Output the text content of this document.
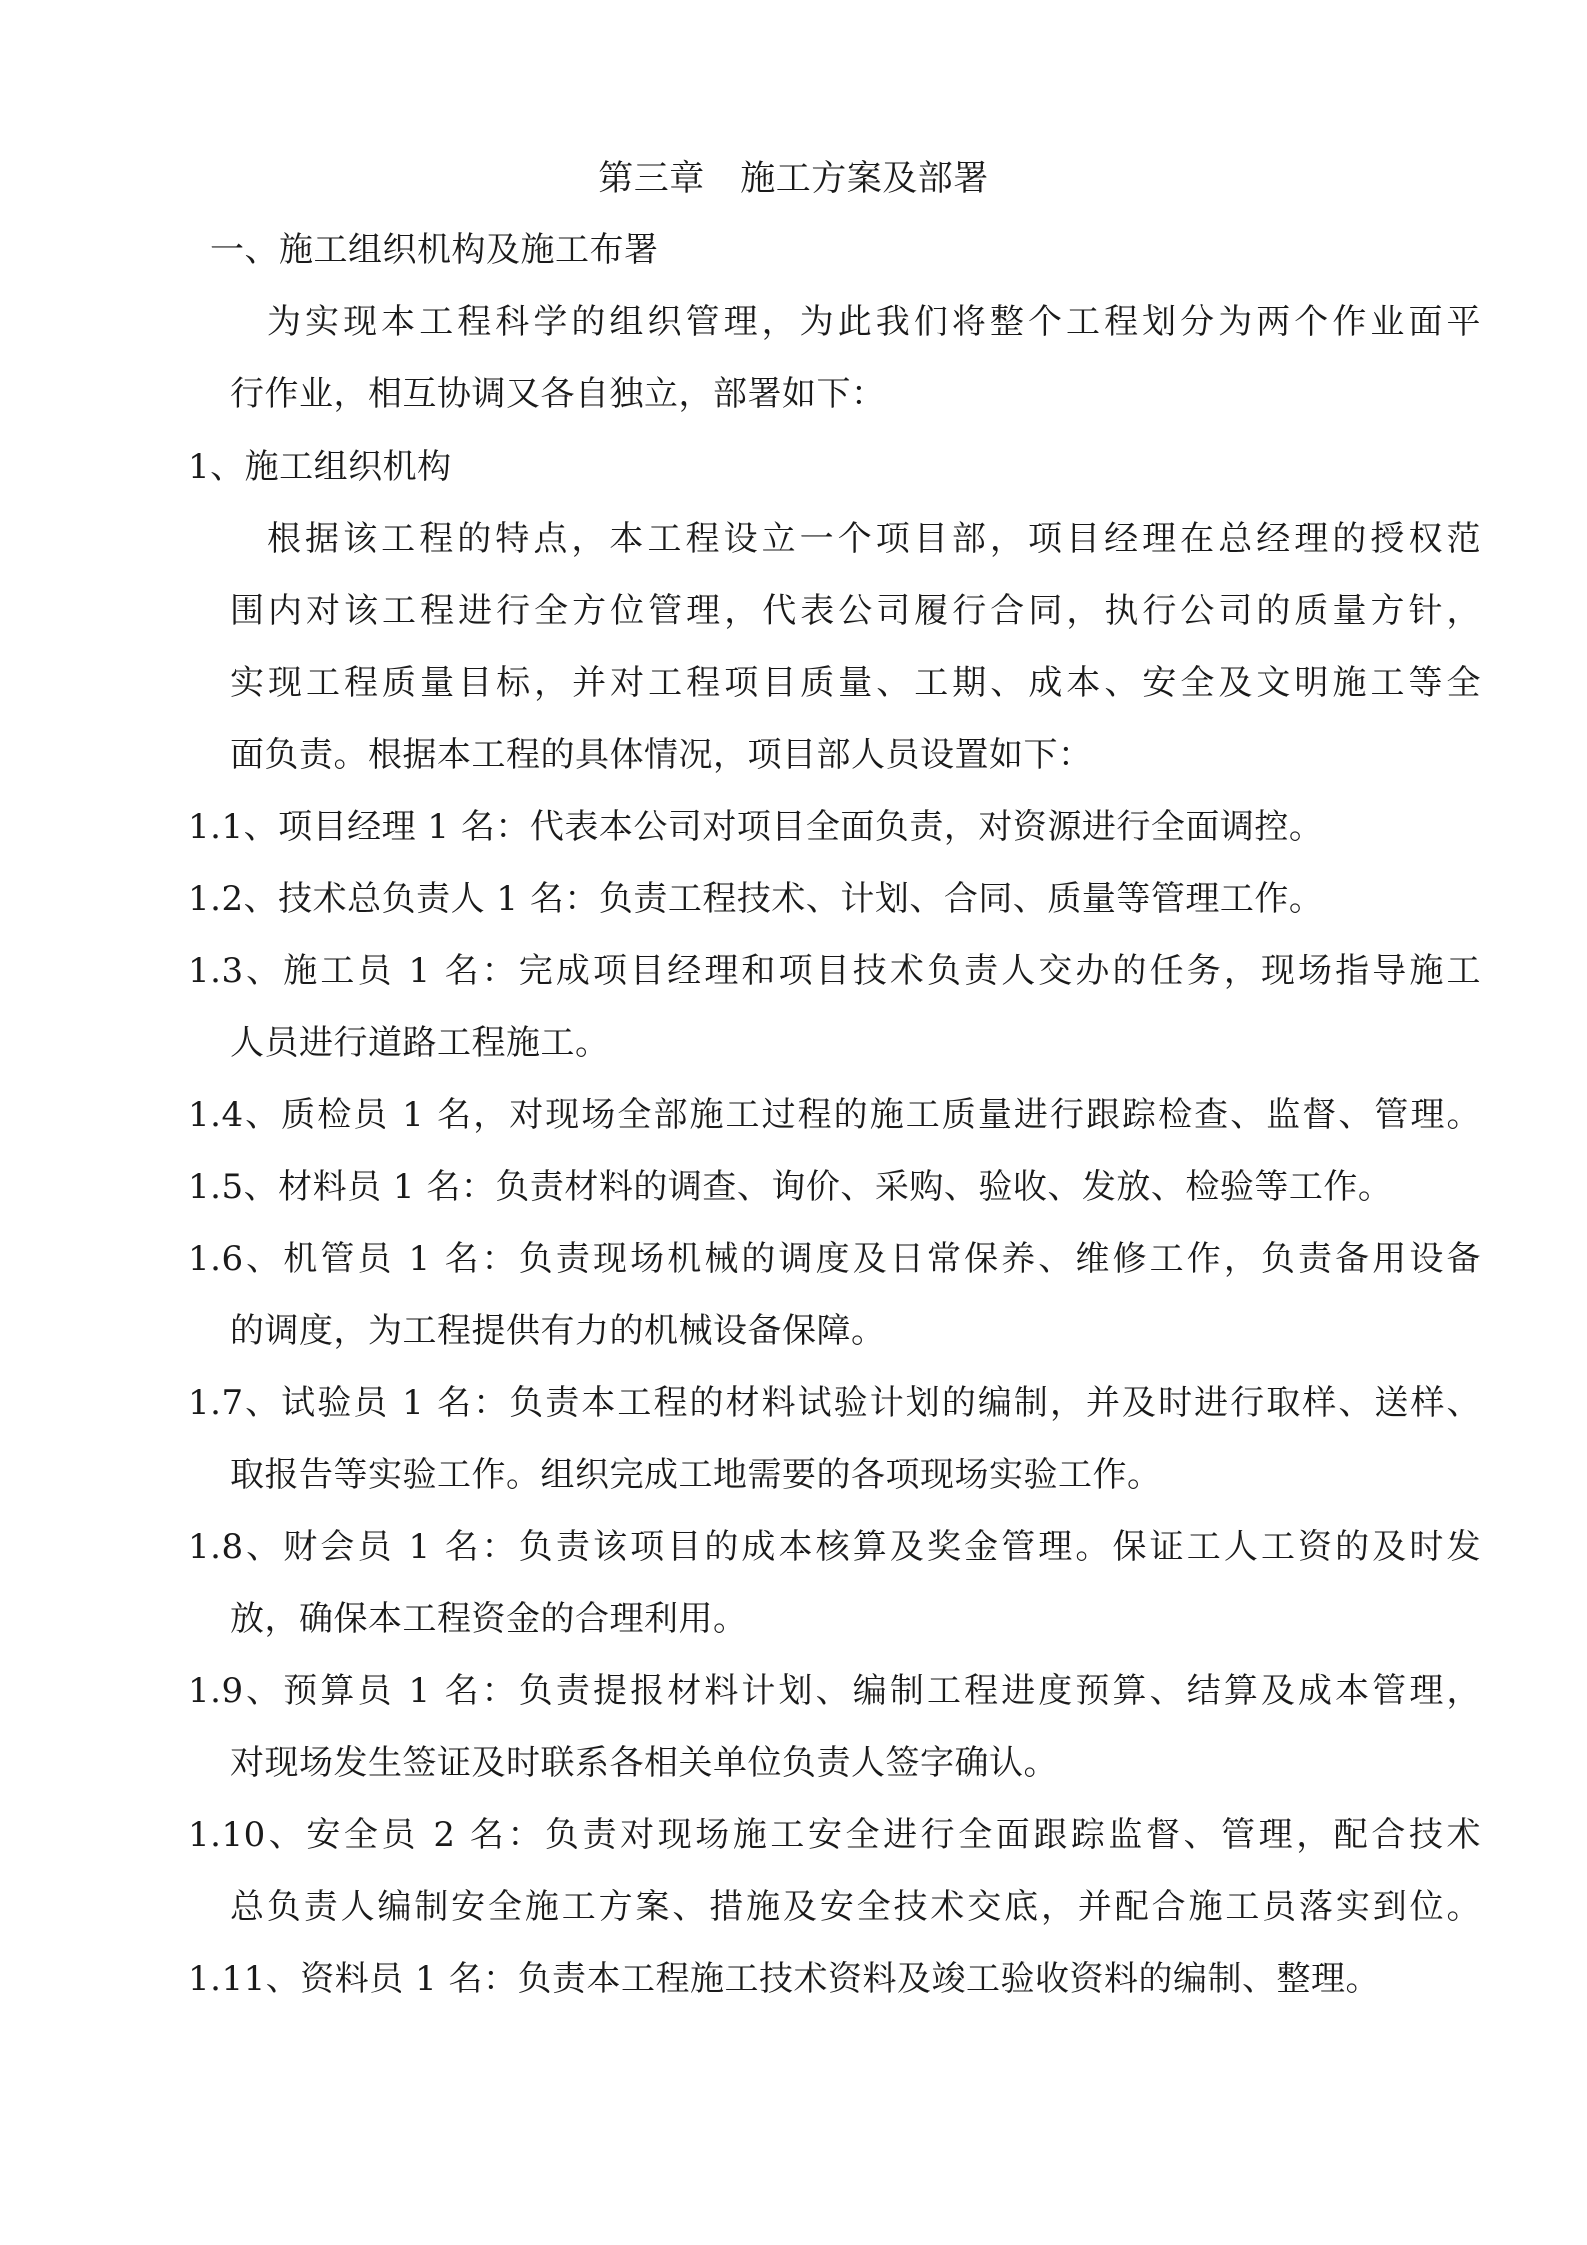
第三章　施工方案及部署
一、施工组织机构及施工布署
为实现本工程科学的组织管理，为此我们将整个工程划分为两个作业面平
行作业，相互协调又各自独立，部署如下：
1、施工组织机构
根据该工程的特点，本工程设立一个项目部，项目经理在总经理的授权范
围内对该工程进行全方位管理，代表公司履行合同，执行公司的质量方针，
实现工程质量目标，并对工程项目质量、工期、成本、安全及文明施工等全
面负责。根据本工程的具体情况，项目部人员设置如下：
1.1、项目经理 1 名：代表本公司对项目全面负责，对资源进行全面调控。
1.2、技术总负责人 1 名：负责工程技术、计划、合同、质量等管理工作。
1.3、施工员 1 名：完成项目经理和项目技术负责人交办的任务，现场指导施工
人员进行道路工程施工。
1.4、质检员 1 名，对现场全部施工过程的施工质量进行跟踪检查、监督、管理。
1.5、材料员 1 名：负责材料的调查、询价、采购、验收、发放、检验等工作。
1.6、机管员 1 名：负责现场机械的调度及日常保养、维修工作，负责备用设备
的调度，为工程提供有力的机械设备保障。
1.7、试验员 1 名：负责本工程的材料试验计划的编制，并及时进行取样、送样、
取报告等实验工作。组织完成工地需要的各项现场实验工作。
1.8、财会员 1 名：负责该项目的成本核算及奖金管理。保证工人工资的及时发
放，确保本工程资金的合理利用。
1.9、预算员 1 名：负责提报材料计划、编制工程进度预算、结算及成本管理，
对现场发生签证及时联系各相关单位负责人签字确认。
1.10、安全员 2 名：负责对现场施工安全进行全面跟踪监督、管理，配合技术
总负责人编制安全施工方案、措施及安全技术交底，并配合施工员落实到位。
1.11、资料员 1 名：负责本工程施工技术资料及竣工验收资料的编制、整理。
